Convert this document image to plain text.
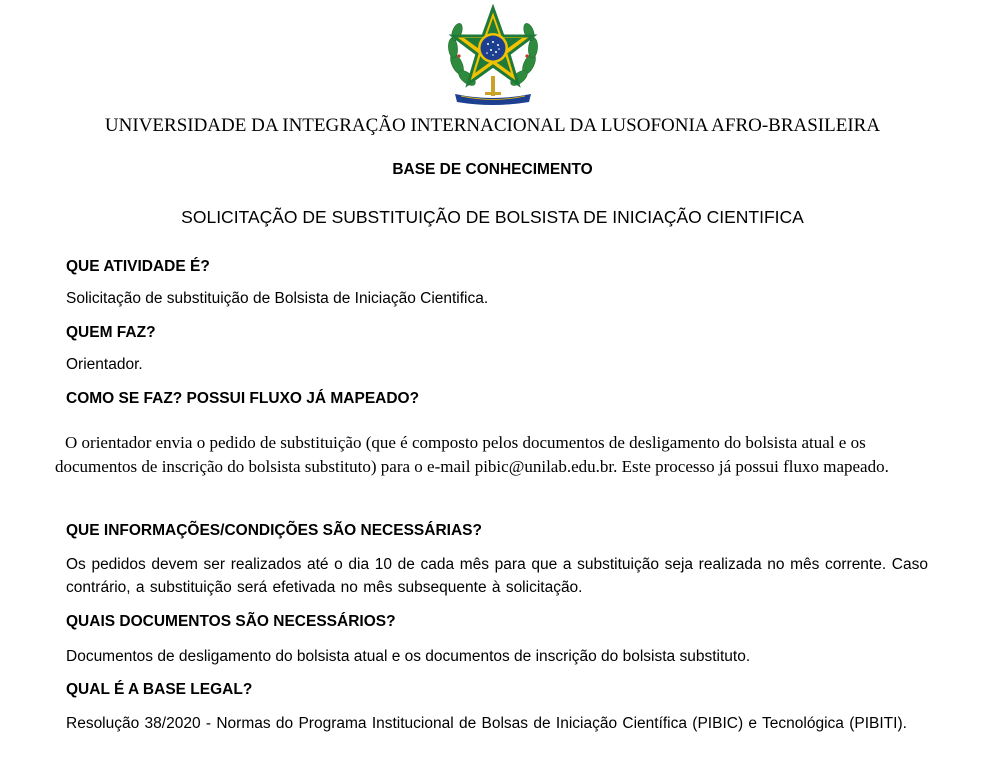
UNIVERSIDADE DA INTEGRAÇÃO INTERNACIONAL DA LUSOFONIA AFRO-BRASILEIRA
BASE DE CONHECIMENTO
SOLICITAÇÃO DE SUBSTITUIÇÃO DE BOLSISTA DE INICIAÇÃO CIENTIFICA
QUE ATIVIDADE É?
Solicitação de substituição de Bolsista de Iniciação Cientifica.
QUEM FAZ?
Orientador.
COMO SE FAZ? POSSUI FLUXO JÁ MAPEADO?
O orientador envia o pedido de substituição (que é composto pelos documentos de desligamento do bolsista atual e os documentos de inscrição do bolsista substituto) para o e-mail pibic@unilab.edu.br. Este processo já possui fluxo mapeado.
QUE INFORMAÇÕES/CONDIÇÕES SÃO NECESSÁRIAS?
Os pedidos devem ser realizados até o dia 10 de cada mês para que a substituição seja realizada no mês corrente. Caso contrário, a substituição será efetivada no mês subsequente à solicitação.
QUAIS DOCUMENTOS SÃO NECESSÁRIOS?
Documentos de desligamento do bolsista atual e os documentos de inscrição do bolsista substituto.
QUAL É A BASE LEGAL?
Resolução 38/2020 - Normas do Programa Institucional de Bolsas de Iniciação Científica (PIBIC) e Tecnológica (PIBITI).
